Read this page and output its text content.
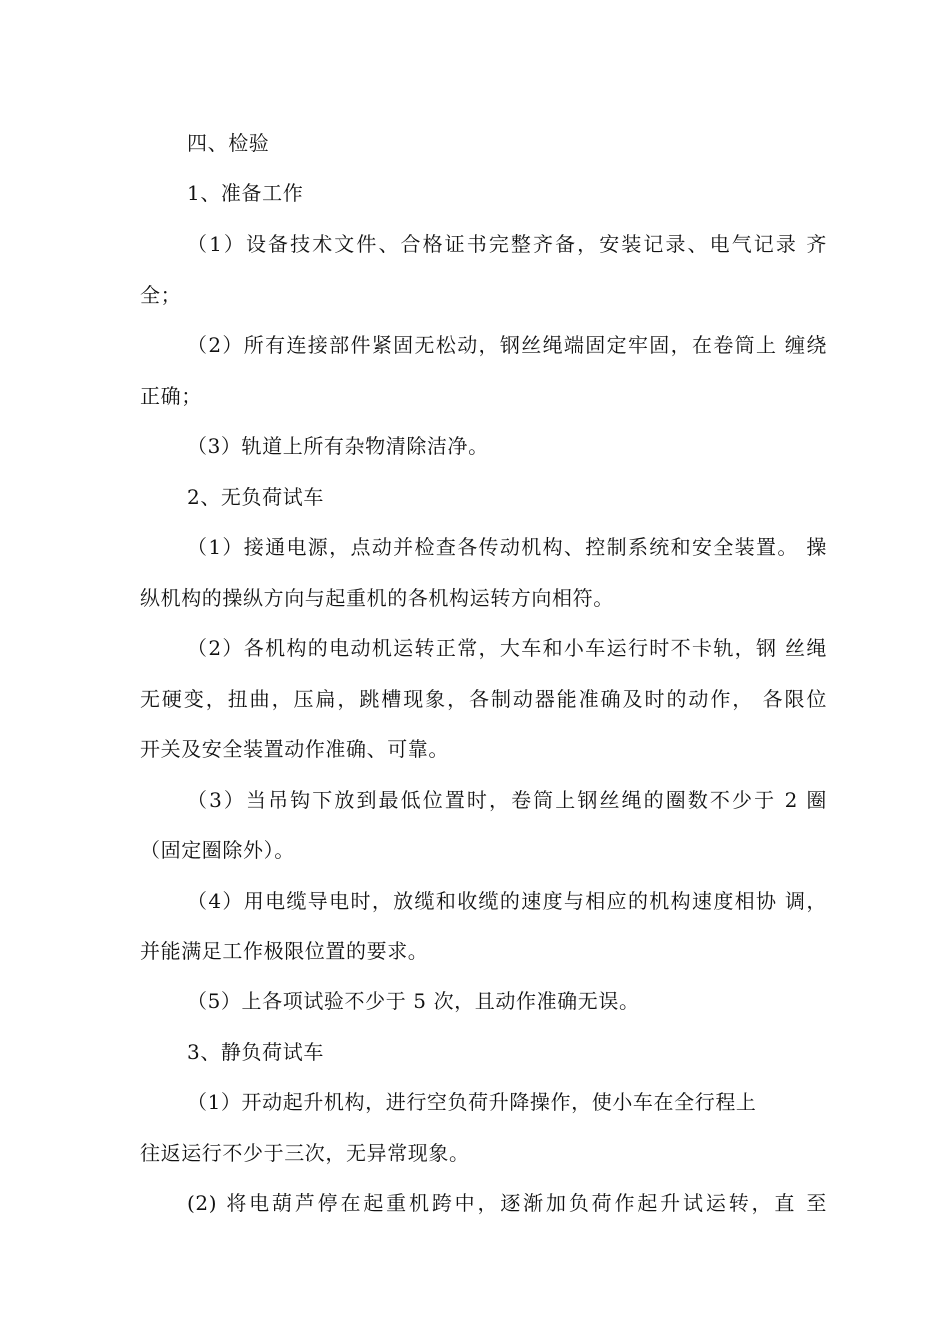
四、检验
1、准备工作
（1）设备技术文件、合格证书完整齐备，安装记录、电气记录 齐
全；
（2）所有连接部件紧固无松动，钢丝绳端固定牢固，在卷筒上 缠绕
正确；
（3）轨道上所有杂物清除洁净。
2、无负荷试车
（1）接通电源，点动并检查各传动机构、控制系统和安全装置。 操
纵机构的操纵方向与起重机的各机构运转方向相符。
（2）各机构的电动机运转正常，大车和小车运行时不卡轨，钢 丝绳
无硬变，扭曲，压扁，跳槽现象，各制动器能准确及时的动作， 各限位
开关及安全装置动作准确、可靠。
（3）当吊钩下放到最低位置时，卷筒上钢丝绳的圈数不少于 2 圈
（固定圈除外）。
（4）用电缆导电时，放缆和收缆的速度与相应的机构速度相协 调，
并能满足工作极限位置的要求。
（5）上各项试验不少于 5 次，且动作准确无误。
3、静负荷试车
（1）开动起升机构，进行空负荷升降操作，使小车在全行程上
往返运行不少于三次，无异常现象。
(2) 将电葫芦停在起重机跨中，逐渐加负荷作起升试运转，直 至
